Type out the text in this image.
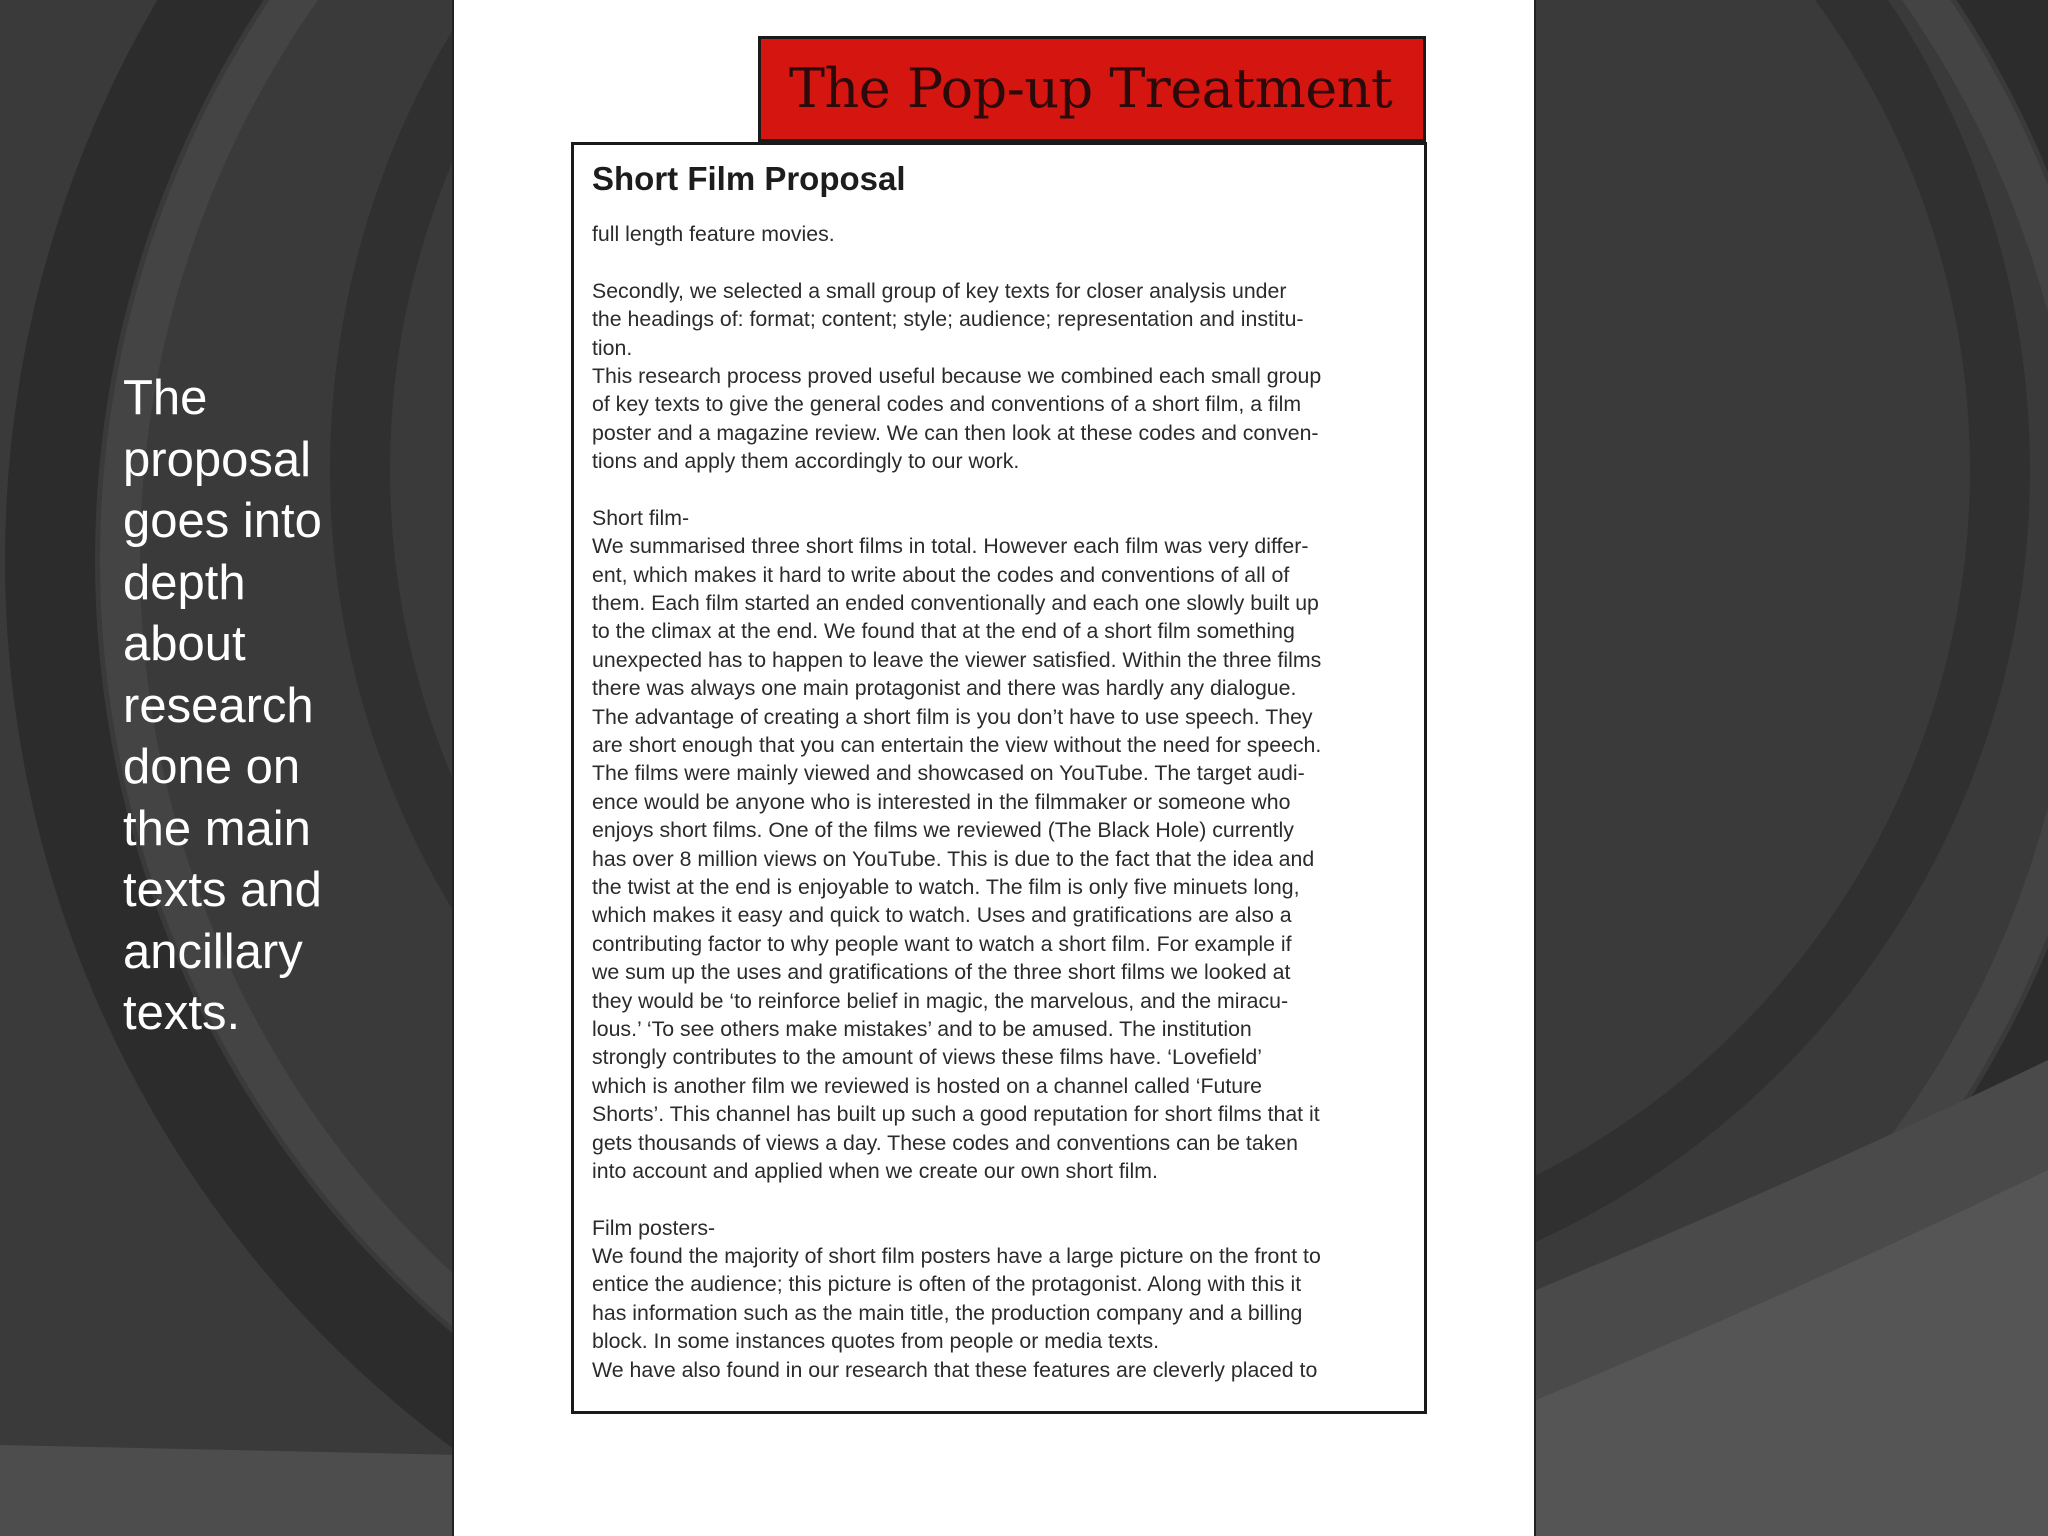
The
proposal
goes into
depth
about
research
done on
the main
texts and
ancillary
texts.
The Pop-up Treatment
Short Film Proposal
full length feature movies.
Secondly, we selected a small group of key texts for closer analysis under
the headings of: format; content; style; audience; representation and institu-
tion.
This research process proved useful because we combined each small group
of key texts to give the general codes and conventions of a short film, a film
poster and a magazine review. We can then look at these codes and conven-
tions and apply them accordingly to our work.
Short film-
We summarised three short films in total. However each film was very differ-
ent, which makes it hard to write about the codes and conventions of all of
them. Each film started an ended conventionally and each one slowly built up
to the climax at the end. We found that at the end of a short film something
unexpected has to happen to leave the viewer satisfied. Within the three films
there was always one main protagonist and there was hardly any dialogue.
The advantage of creating a short film is you don’t have to use speech. They
are short enough that you can entertain the view without the need for speech.
The films were mainly viewed and showcased on YouTube. The target audi-
ence would be anyone who is interested in the filmmaker or someone who
enjoys short films. One of the films we reviewed (The Black Hole) currently
has over 8 million views on YouTube. This is due to the fact that the idea and
the twist at the end is enjoyable to watch. The film is only five minuets long,
which makes it easy and quick to watch. Uses and gratifications are also a
contributing factor to why people want to watch a short film. For example if
we sum up the uses and gratifications of the three short films we looked at
they would be ‘to reinforce belief in magic, the marvelous, and the miracu-
lous.’ ‘To see others make mistakes’ and to be amused. The institution
strongly contributes to the amount of views these films have. ‘Lovefield’
which is another film we reviewed is hosted on a channel called ‘Future
Shorts’. This channel has built up such a good reputation for short films that it
gets thousands of views a day. These codes and conventions can be taken
into account and applied when we create our own short film.
Film posters-
We found the majority of short film posters have a large picture on the front to
entice the audience; this picture is often of the protagonist. Along with this it
has information such as the main title, the production company and a billing
block. In some instances quotes from people or media texts.
We have also found in our research that these features are cleverly placed to
